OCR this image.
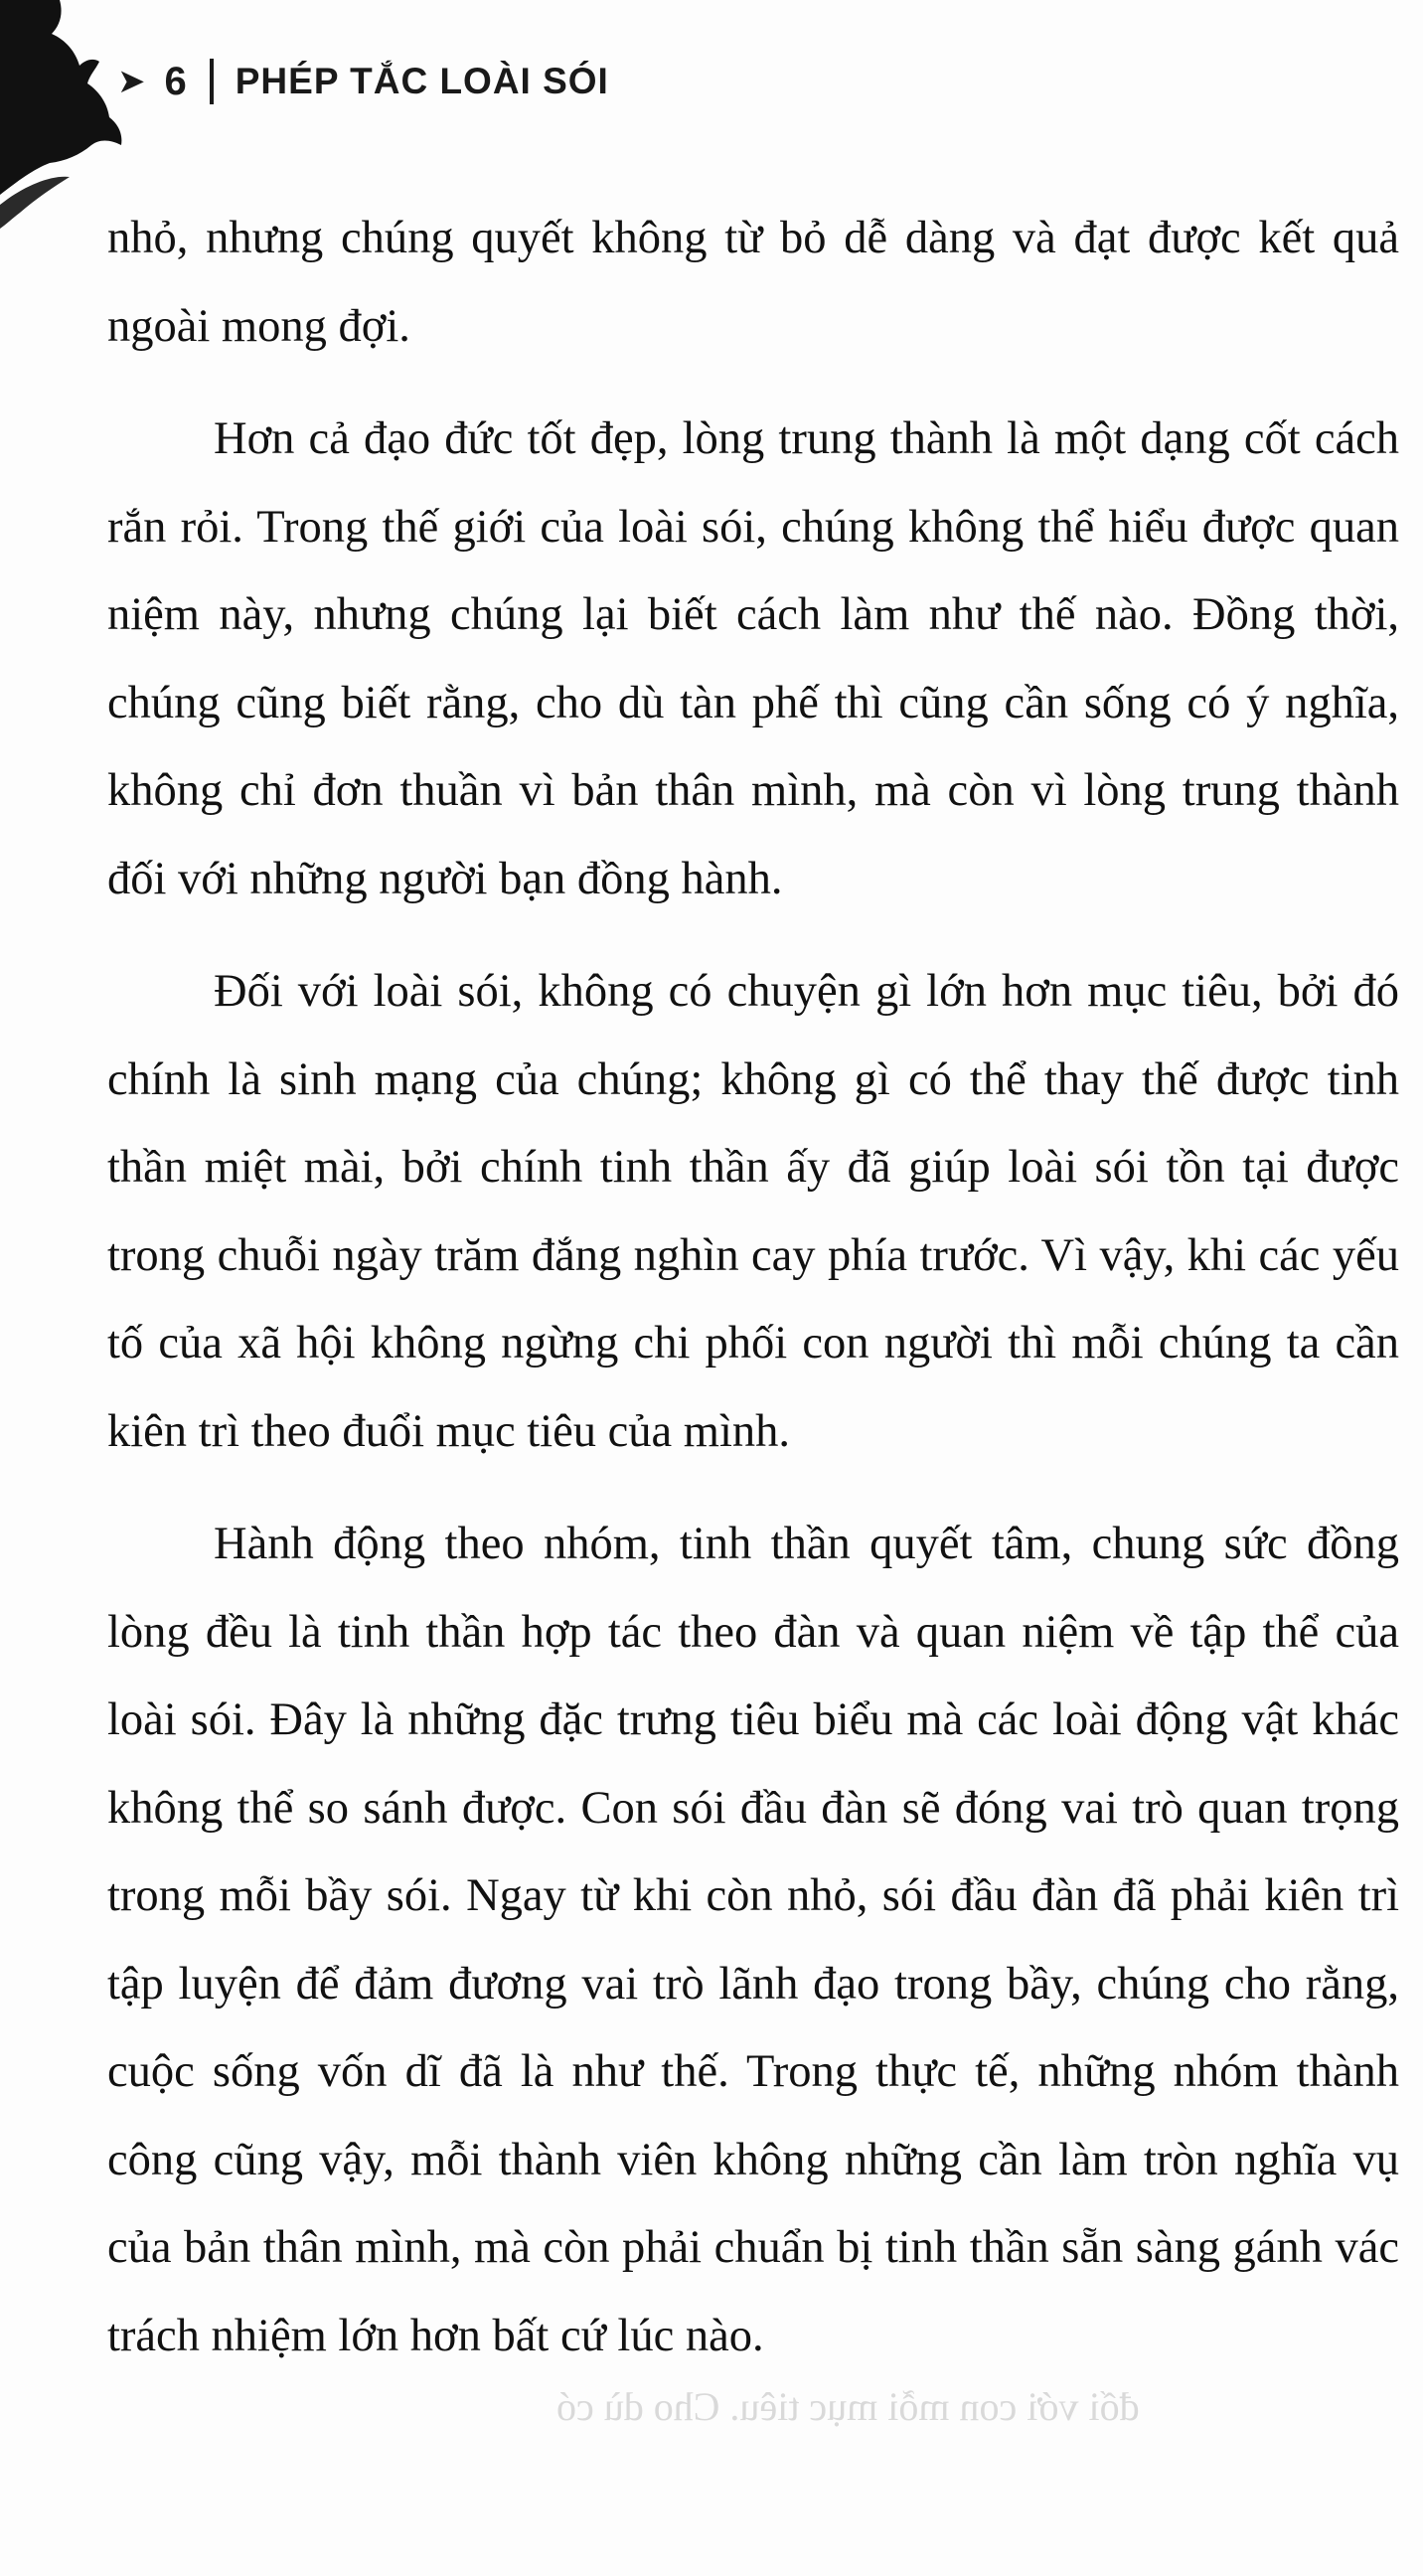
➤ 6 PHÉP TẮC LOÀI SÓI

nhỏ, nhưng chúng quyết không từ bỏ dễ dàng và đạt được kết quả ngoài mong đợi.

Hơn cả đạo đức tốt đẹp, lòng trung thành là một dạng cốt cách rắn rỏi. Trong thế giới của loài sói, chúng không thể hiểu được quan niệm này, nhưng chúng lại biết cách làm như thế nào. Đồng thời, chúng cũng biết rằng, cho dù tàn phế thì cũng cần sống có ý nghĩa, không chỉ đơn thuần vì bản thân mình, mà còn vì lòng trung thành đối với những người bạn đồng hành.

Đối với loài sói, không có chuyện gì lớn hơn mục tiêu, bởi đó chính là sinh mạng của chúng; không gì có thể thay thế được tinh thần miệt mài, bởi chính tinh thần ấy đã giúp loài sói tồn tại được trong chuỗi ngày trăm đắng nghìn cay phía trước. Vì vậy, khi các yếu tố của xã hội không ngừng chi phối con người thì mỗi chúng ta cần kiên trì theo đuổi mục tiêu của mình.

Hành động theo nhóm, tinh thần quyết tâm, chung sức đồng lòng đều là tinh thần hợp tác theo đàn và quan niệm về tập thể của loài sói. Đây là những đặc trưng tiêu biểu mà các loài động vật khác không thể so sánh được. Con sói đầu đàn sẽ đóng vai trò quan trọng trong mỗi bầy sói. Ngay từ khi còn nhỏ, sói đầu đàn đã phải kiên trì tập luyện để đảm đương vai trò lãnh đạo trong bầy, chúng cho rằng, cuộc sống vốn dĩ đã là như thế. Trong thực tế, những nhóm thành công cũng vậy, mỗi thành viên không những cần làm tròn nghĩa vụ của bản thân mình, mà còn phải chuẩn bị tinh thần sẵn sàng gánh vác trách nhiệm lớn hơn bất cứ lúc nào.

đối với con mỗi mục tiêu. Cho dù có
